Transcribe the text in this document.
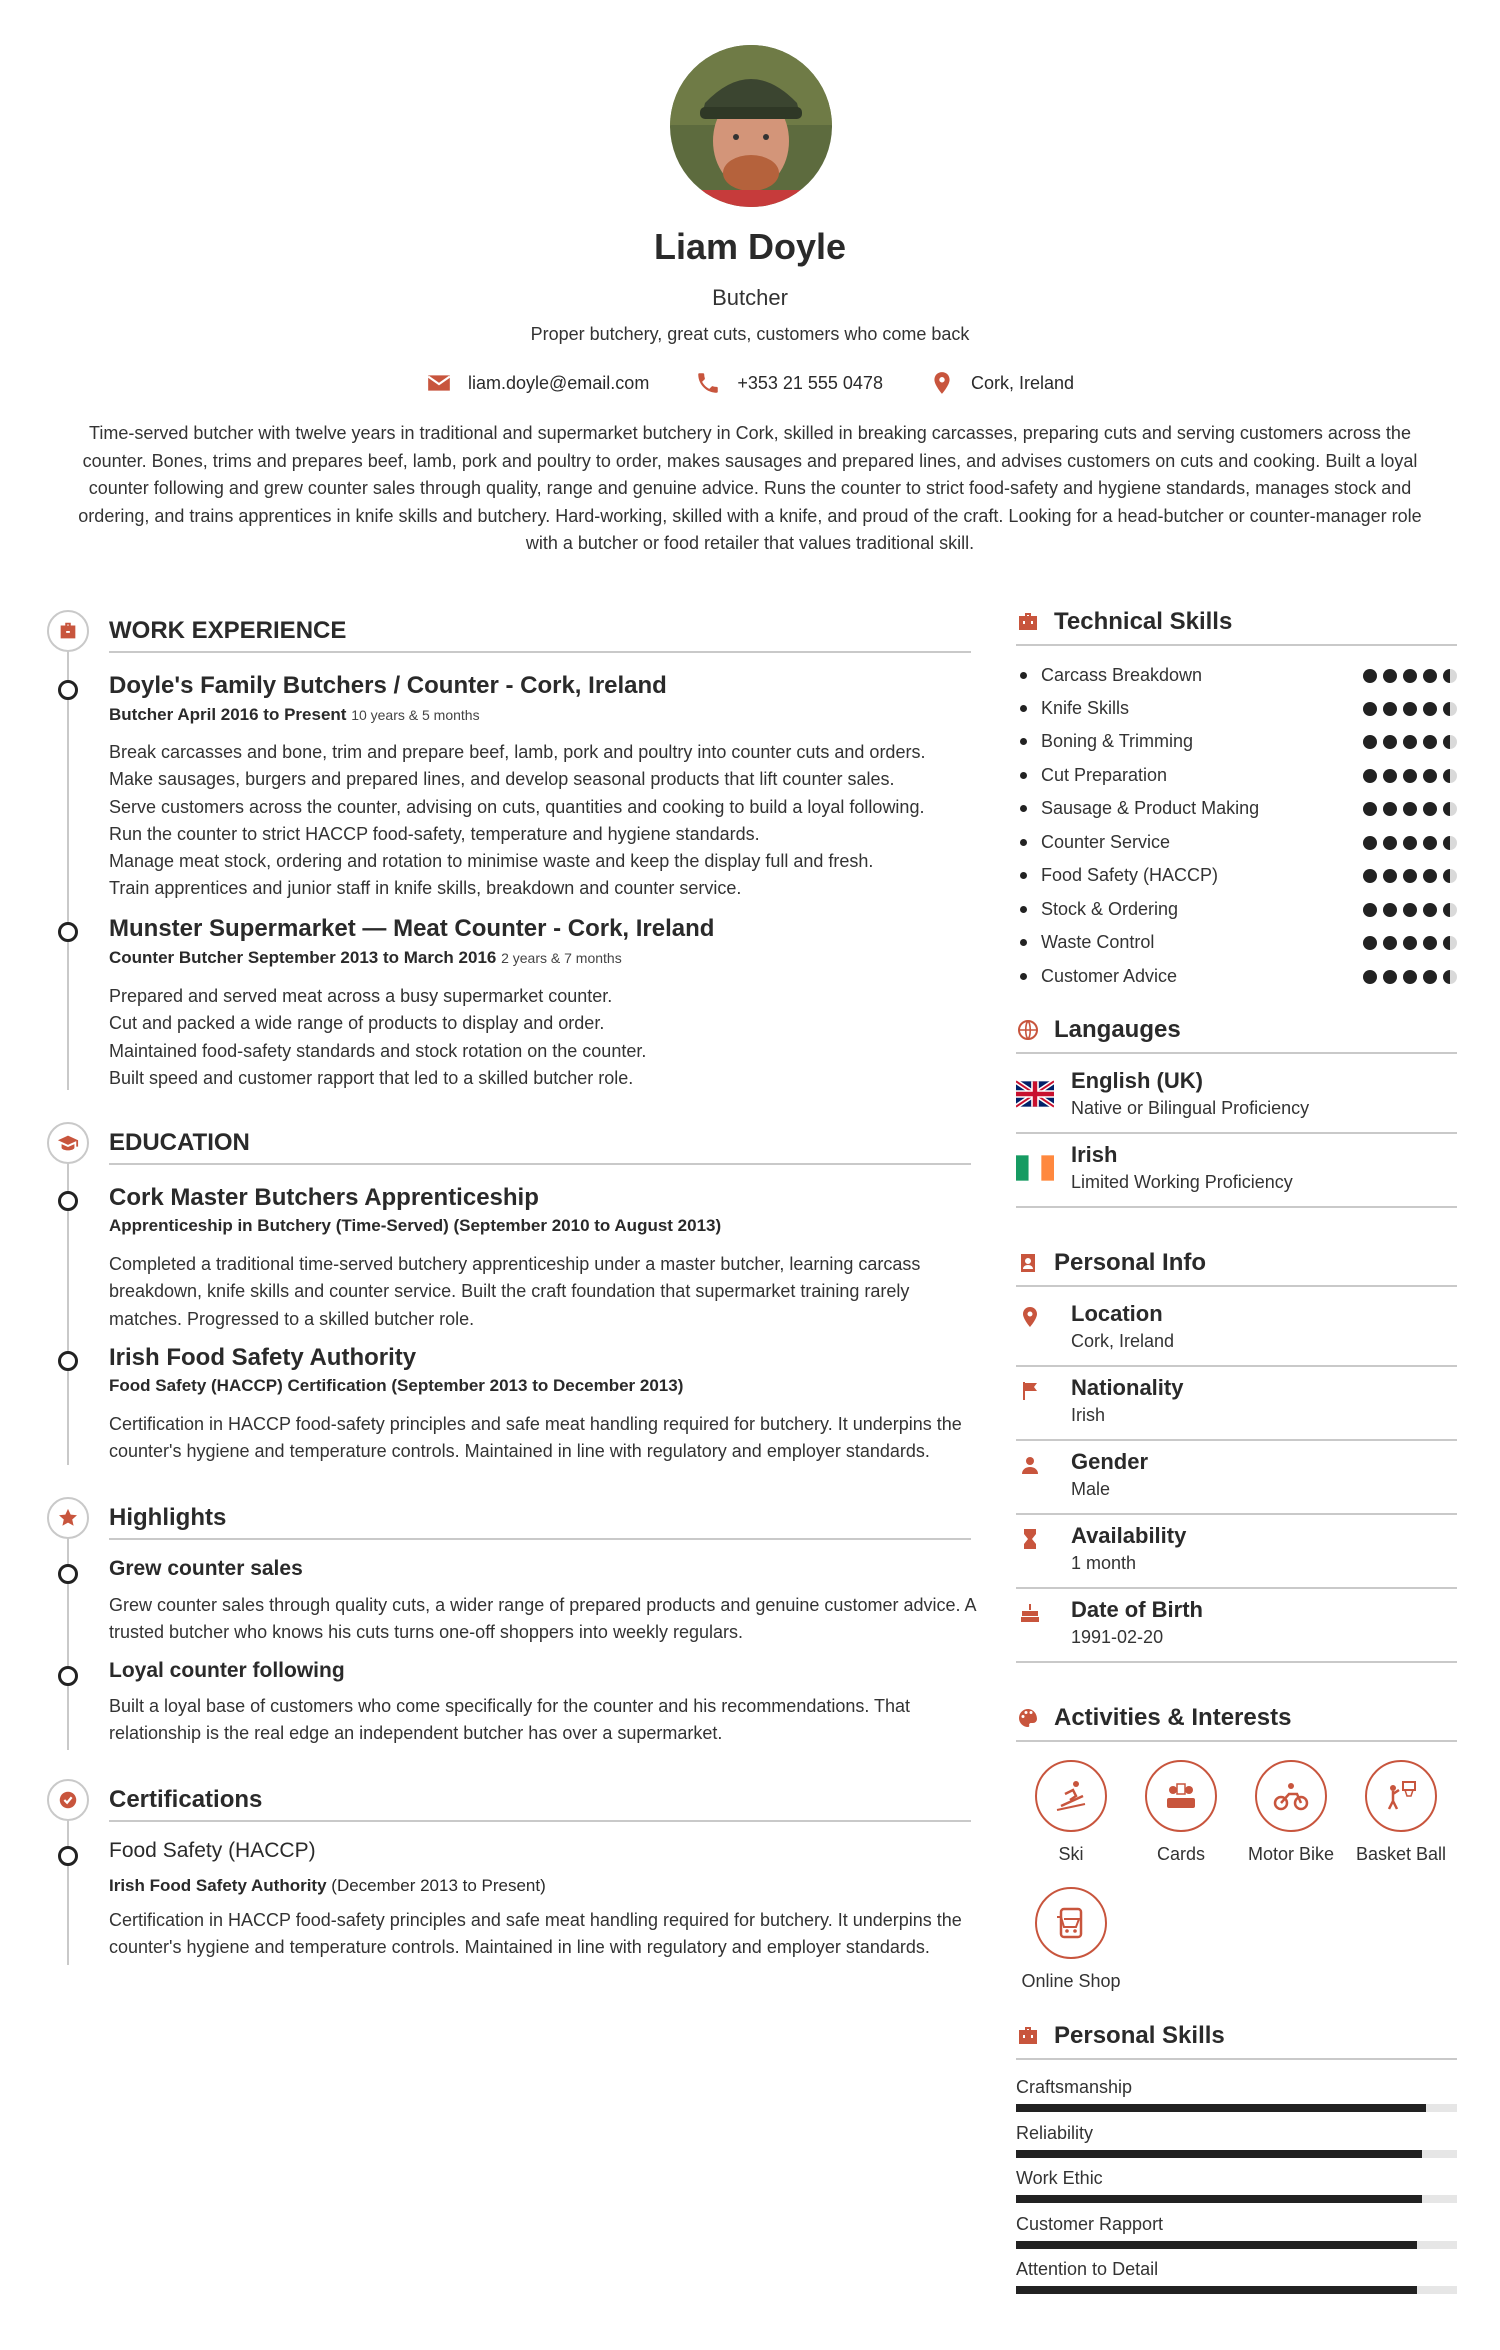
Liam Doyle
Butcher
Proper butchery, great cuts, customers who come back
liam.doyle@email.com	+353 21 555 0478	Cork, Ireland
Time-served butcher with twelve years in traditional and supermarket butchery in Cork, skilled in breaking carcasses, preparing cuts and serving customers across the counter. Bones, trims and prepares beef, lamb, pork and poultry to order, makes sausages and prepared lines, and advises customers on cuts and cooking. Built a loyal counter following and grew counter sales through quality, range and genuine advice. Runs the counter to strict food-safety and hygiene standards, manages stock and ordering, and trains apprentices in knife skills and butchery. Hard-working, skilled with a knife, and proud of the craft. Looking for a head-butcher or counter-manager role with a butcher or food retailer that values traditional skill.
WORK EXPERIENCE
Doyle's Family Butchers / Counter - Cork, Ireland
Butcher April 2016 to Present 10 years & 5 months
Break carcasses and bone, trim and prepare beef, lamb, pork and poultry into counter cuts and orders.
Make sausages, burgers and prepared lines, and develop seasonal products that lift counter sales.
Serve customers across the counter, advising on cuts, quantities and cooking to build a loyal following.
Run the counter to strict HACCP food-safety, temperature and hygiene standards.
Manage meat stock, ordering and rotation to minimise waste and keep the display full and fresh.
Train apprentices and junior staff in knife skills, breakdown and counter service.
Munster Supermarket — Meat Counter - Cork, Ireland
Counter Butcher September 2013 to March 2016 2 years & 7 months
Prepared and served meat across a busy supermarket counter.
Cut and packed a wide range of products to display and order.
Maintained food-safety standards and stock rotation on the counter.
Built speed and customer rapport that led to a skilled butcher role.
EDUCATION
Cork Master Butchers Apprenticeship
Apprenticeship in Butchery (Time-Served) (September 2010 to August 2013)
Completed a traditional time-served butchery apprenticeship under a master butcher, learning carcass breakdown, knife skills and counter service. Built the craft foundation that supermarket training rarely matches. Progressed to a skilled butcher role.
Irish Food Safety Authority
Food Safety (HACCP) Certification (September 2013 to December 2013)
Certification in HACCP food-safety principles and safe meat handling required for butchery. It underpins the counter's hygiene and temperature controls. Maintained in line with regulatory and employer standards.
Highlights
Grew counter sales
Grew counter sales through quality cuts, a wider range of prepared products and genuine customer advice. A trusted butcher who knows his cuts turns one-off shoppers into weekly regulars.
Loyal counter following
Built a loyal base of customers who come specifically for the counter and his recommendations. That relationship is the real edge an independent butcher has over a supermarket.
Certifications
Food Safety (HACCP)
Irish Food Safety Authority (December 2013 to Present)
Certification in HACCP food-safety principles and safe meat handling required for butchery. It underpins the counter's hygiene and temperature controls. Maintained in line with regulatory and employer standards.
Technical Skills
Carcass Breakdown
Knife Skills
Boning & Trimming
Cut Preparation
Sausage & Product Making
Counter Service
Food Safety (HACCP)
Stock & Ordering
Waste Control
Customer Advice
Langauges
English (UK)
Native or Bilingual Proficiency
Irish
Limited Working Proficiency
Personal Info
Location
Cork, Ireland
Nationality
Irish
Gender
Male
Availability
1 month
Date of Birth
1991-02-20
Activities & Interests
Ski	Cards	Motor Bike	Basket Ball
Online Shop
Personal Skills
Craftsmanship
Reliability
Work Ethic
Customer Rapport
Attention to Detail
